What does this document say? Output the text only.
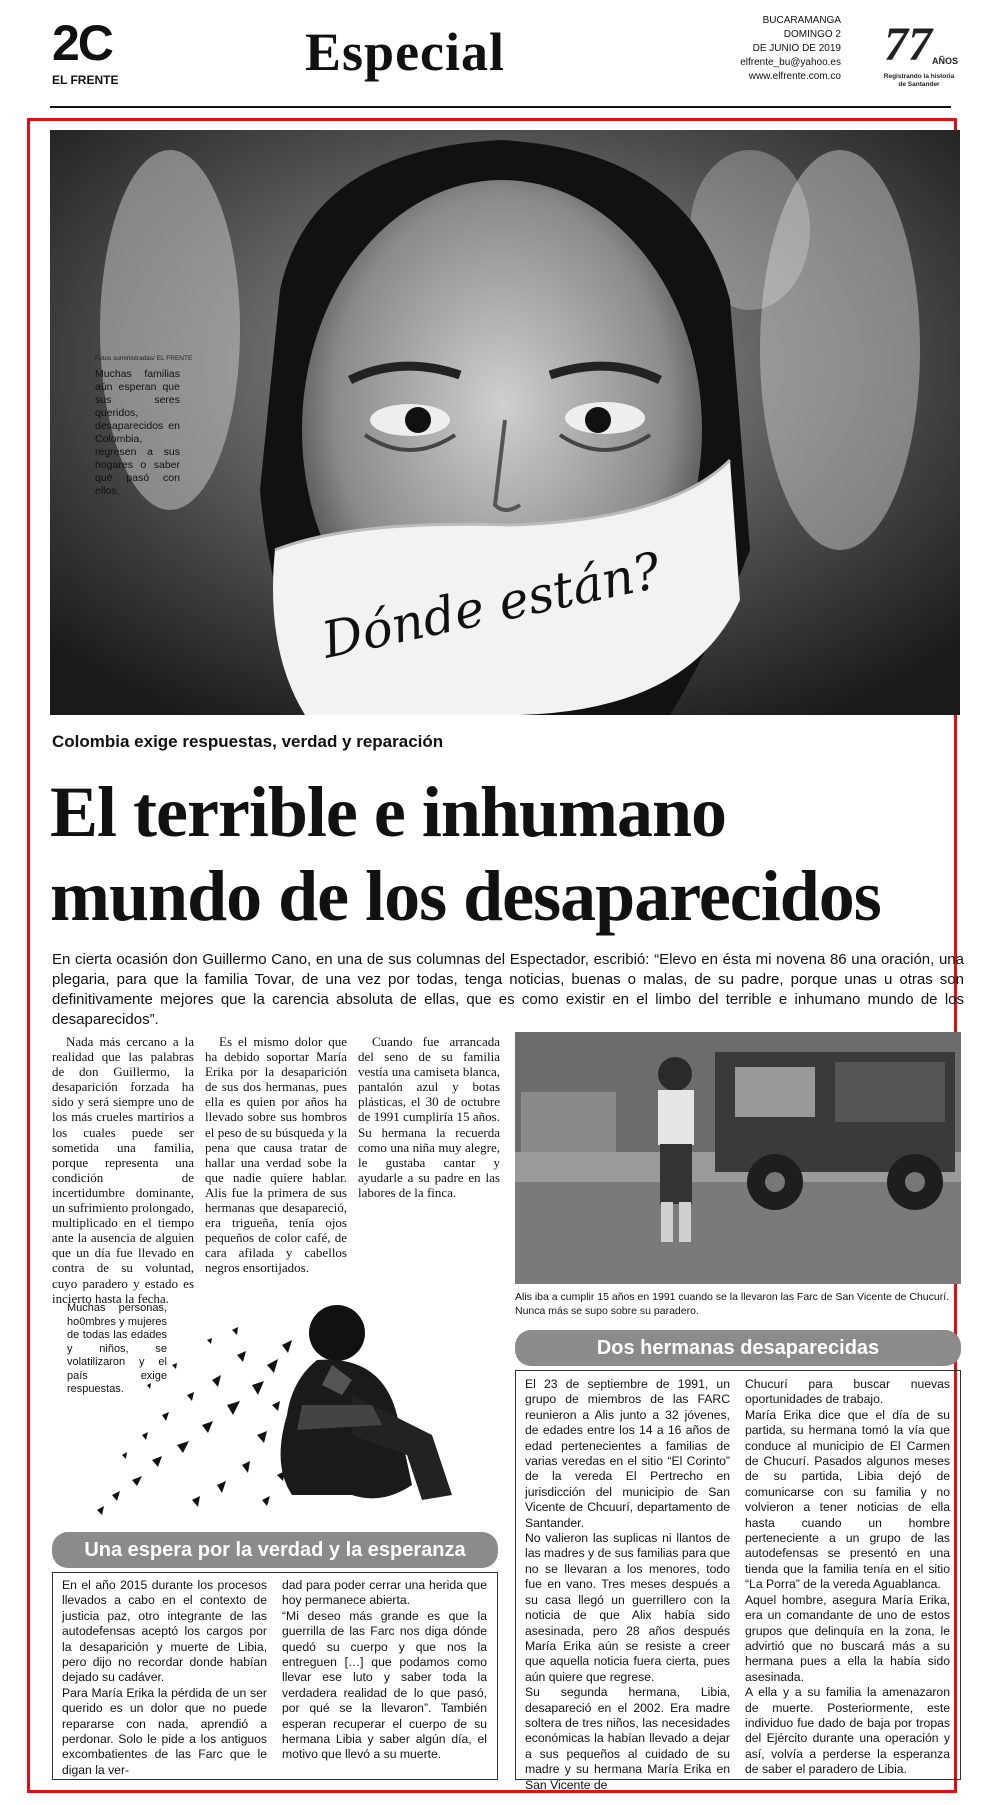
2C
EL FRENTE	Especial
BUCARAMANGA
DOMINGO 2
DE JUNIO DE 2019
elfrente_bu@yahoo.es
www.elfrente.com.co
77 AÑOS
Registrando la historia
de Santander
Dónde están?
Fotos suministradas/ EL FRENTE
Muchas familias aún esperan que sus seres queridos, desaparecidos en Colombia, regresen a sus hogares o saber qué pasó con ellos.
Colombia exige respuestas, verdad y reparación
El terrible e inhumano
mundo de los desaparecidos
En cierta ocasión don Guillermo Cano, en una de sus columnas del Espectador, escribió: “Elevo en ésta mi novena 86 una oración, una plegaria, para que la familia Tovar, de una vez por todas, tenga noticias, buenas o malas, de su padre, porque unas u otras son definitivamente mejores que la carencia absoluta de ellas, que es como existir en el limbo del terrible e inhumano mundo de los desaparecidos”.

Nada más cercano a la realidad que las palabras de don Guillermo, la desaparición forzada ha sido y será siempre uno de los más crueles martirios a los cuales puede ser sometida una familia, porque representa una condición de incertidumbre dominante, un sufrimiento prolongado, multiplicado en el tiempo ante la ausencia de alguien que un día fue llevado en contra de su voluntad, cuyo paradero y estado es incierto hasta la fecha.

Es el mismo dolor que ha debido soportar María Erika por la desaparición de sus dos hermanas, pues ella es quien por años ha llevado sobre sus hombros el peso de su búsqueda y la pena que causa tratar de hallar una verdad sobe la que nadie quiere hablar. Alis fue la primera de sus hermanas que desapareció, era trigueña, tenía ojos pequeños de color café, de cara afilada y cabellos negros ensortijados.

Cuando fue arrancada del seno de su familia vestía una camiseta blanca, pantalón azul y botas plásticas, el 30 de octubre de 1991 cumpliría 15 años. Su hermana la recuerda como una niña muy alegre, le gustaba cantar y ayudarle a su padre en las labores de la finca.

Alis iba a cumplir 15 años en 1991 cuando se la llevaron las Farc de San Vicente de Chucurí. Nunca más se supo sobre su paradero.
Muchas personas, ho0mbres y mujeres de todas las edades y niños, se volatilizaron y el país exige respuestas.
Dos hermanas desaparecidas

El 23 de septiembre de 1991, un grupo de miembros de las FARC reunieron a Alis junto a 32 jóvenes, de edades entre los 14 a 16 años de edad pertenecientes a familias de varias veredas en el sitio “El Corinto” de la vereda El Pertrecho en jurisdicción del municipio de San Vicente de Chcuurí, departamento de Santander.

No valieron las suplicas ni llantos de las madres y de sus familias para que no se llevaran a los menores, todo fue en vano. Tres meses después a su casa llegó un guerrillero con la noticia de que Alix había sido asesinada, pero 28 años después María Erika aún se resiste a creer que aquella noticia fuera cierta, pues aún quiere que regrese.

Su segunda hermana, Libia, desapareció en el 2002. Era madre soltera de tres niños, las necesidades económicas la habían llevado a dejar a sus pequeños al cuidado de su madre y su hermana María Erika en San Vicente de

Chucurí para buscar nuevas oportunidades de trabajo.

María Erika dice que el día de su partida, su hermana tomó la vía que conduce al municipio de El Carmen de Chucurí. Pasados algunos meses de su partida, Libia dejó de comunicarse con su familia y no volvieron a tener noticias de ella hasta cuando un hombre perteneciente a un grupo de las autodefensas se presentó en una tienda que la familia tenía en el sitio “La Porra” de la vereda Aguablanca.

Aquel hombre, asegura María Erika, era un comandante de uno de estos grupos que delinquía en la zona, le advirtió que no buscará más a su hermana pues a ella la había sido asesinada.

A ella y a su familia la amenazaron de muerte. Posteriormente, este individuo fue dado de baja por tropas del Ejército durante una operación y así, volvía a perderse la esperanza de saber el paradero de Libia.

Una espera por la verdad y la esperanza

En el año 2015 durante los procesos llevados a cabo en el contexto de justicia paz, otro integrante de las autodefensas aceptó los cargos por la desaparición y muerte de Libia, pero dijo no recordar donde habían dejado su cadáver.

Para María Erika la pérdida de un ser querido es un dolor que no puede repararse con nada, aprendió a perdonar. Solo le pide a los antiguos excombatientes de las Farc que le digan la ver-

dad para poder cerrar una herida que hoy permanece abierta.

“Mi deseo más grande es que la guerrilla de las Farc nos diga dónde quedó su cuerpo y que nos la entreguen […] que podamos como llevar ese luto y saber toda la verdadera realidad de lo que pasó, por qué se la llevaron”. También esperan recuperar el cuerpo de su hermana Libia y saber algún día, el motivo que llevó a su muerte.
